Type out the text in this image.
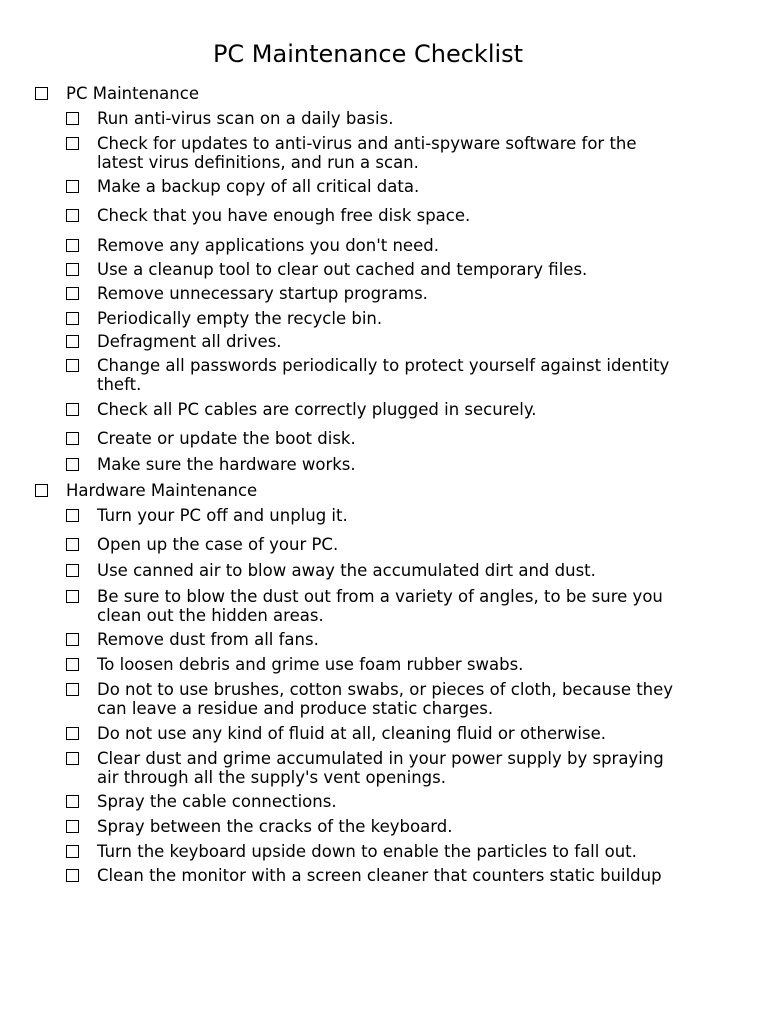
PC Maintenance Checklist
PC Maintenance
Run anti-virus scan on a daily basis.
Check for updates to anti-virus and anti-spyware software for the
latest virus definitions, and run a scan.
Make a backup copy of all critical data.
Check that you have enough free disk space.
Remove any applications you don't need.
Use a cleanup tool to clear out cached and temporary files.
Remove unnecessary startup programs.
Periodically empty the recycle bin.
Defragment all drives.
Change all passwords periodically to protect yourself against identity
theft.
Check all PC cables are correctly plugged in securely.
Create or update the boot disk.
Make sure the hardware works.
Hardware Maintenance
Turn your PC off and unplug it.
Open up the case of your PC.
Use canned air to blow away the accumulated dirt and dust.
Be sure to blow the dust out from a variety of angles, to be sure you
clean out the hidden areas.
Remove dust from all fans.
To loosen debris and grime use foam rubber swabs.
Do not to use brushes, cotton swabs, or pieces of cloth, because they
can leave a residue and produce static charges.
Do not use any kind of fluid at all, cleaning fluid or otherwise.
Clear dust and grime accumulated in your power supply by spraying
air through all the supply's vent openings.
Spray the cable connections.
Spray between the cracks of the keyboard.
Turn the keyboard upside down to enable the particles to fall out.
Clean the monitor with a screen cleaner that counters static buildup
